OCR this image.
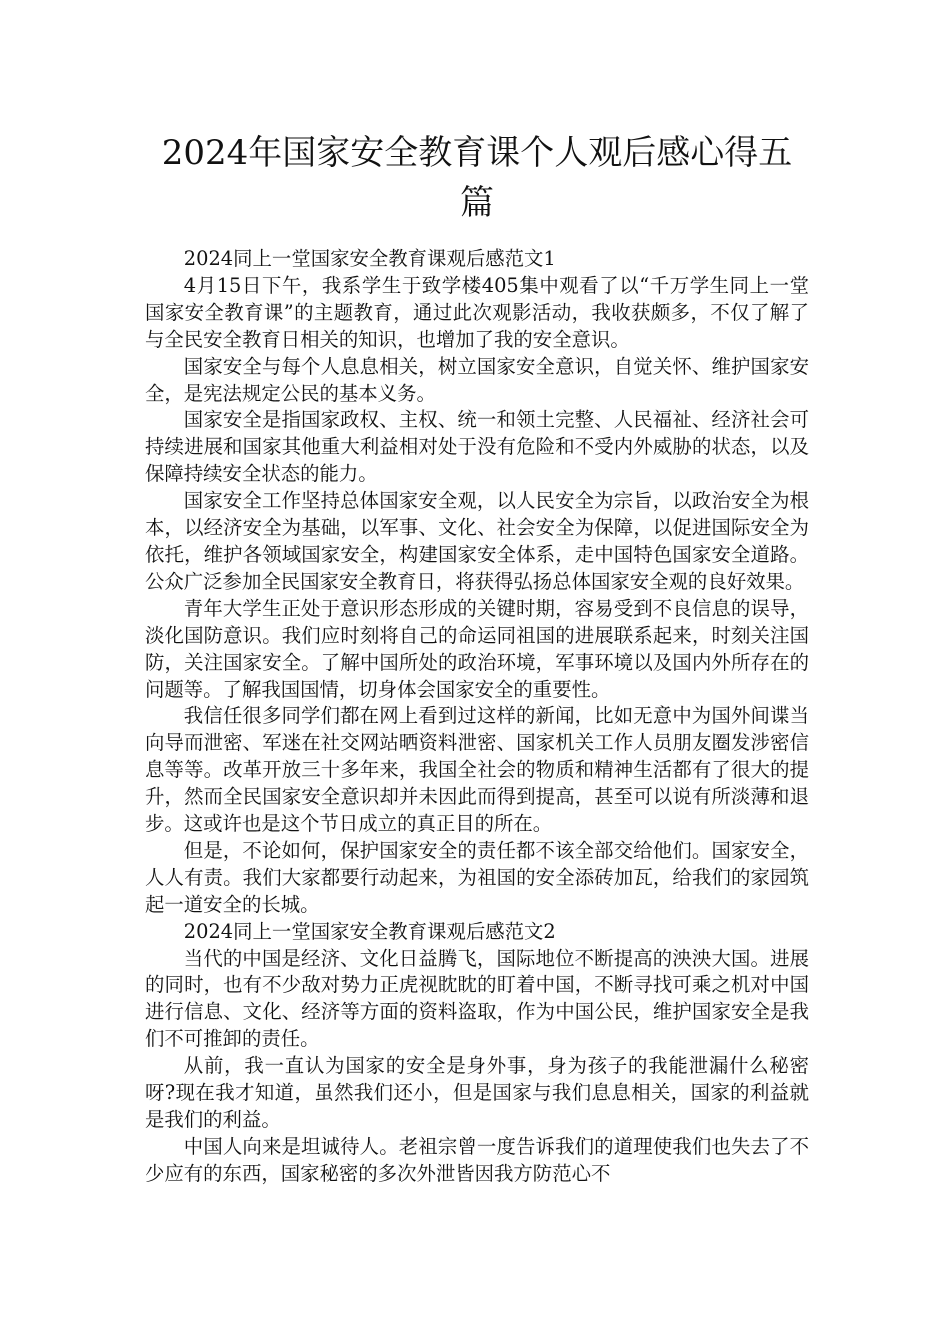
2024年国家安全教育课个人观后感心得五篇

2024同上一堂国家安全教育课观后感范文1

4月15日下午，我系学生于致学楼405集中观看了以“千万学生同上一堂国家安全教育课”的主题教育，通过此次观影活动，我收获颇多，不仅了解了与全民安全教育日相关的知识，也增加了我的安全意识。

国家安全与每个人息息相关，树立国家安全意识，自觉关怀、维护国家安全，是宪法规定公民的基本义务。

国家安全是指国家政权、主权、统一和领土完整、人民福祉、经济社会可持续进展和国家其他重大利益相对处于没有危险和不受内外威胁的状态，以及保障持续安全状态的能力。

国家安全工作坚持总体国家安全观，以人民安全为宗旨，以政治安全为根本，以经济安全为基础，以军事、文化、社会安全为保障，以促进国际安全为依托，维护各领域国家安全，构建国家安全体系，走中国特色国家安全道路。公众广泛参加全民国家安全教育日，将获得弘扬总体国家安全观的良好效果。

青年大学生正处于意识形态形成的关键时期，容易受到不良信息的误导，淡化国防意识。我们应时刻将自己的命运同祖国的进展联系起来，时刻关注国防，关注国家安全。了解中国所处的政治环境，军事环境以及国内外所存在的问题等。了解我国国情，切身体会国家安全的重要性。

我信任很多同学们都在网上看到过这样的新闻，比如无意中为国外间谍当向导而泄密、军迷在社交网站晒资料泄密、国家机关工作人员朋友圈发涉密信息等等。改革开放三十多年来，我国全社会的物质和精神生活都有了很大的提升，然而全民国家安全意识却并未因此而得到提高，甚至可以说有所淡薄和退步。这或许也是这个节日成立的真正目的所在。

但是，不论如何，保护国家安全的责任都不该全部交给他们。国家安全，人人有责。我们大家都要行动起来，为祖国的安全添砖加瓦，给我们的家园筑起一道安全的长城。

2024同上一堂国家安全教育课观后感范文2

当代的中国是经济、文化日益腾飞，国际地位不断提高的泱泱大国。进展的同时，也有不少敌对势力正虎视眈眈的盯着中国，不断寻找可乘之机对中国进行信息、文化、经济等方面的资料盗取，作为中国公民，维护国家安全是我们不可推卸的责任。

从前，我一直认为国家的安全是身外事，身为孩子的我能泄漏什么秘密呀?现在我才知道，虽然我们还小，但是国家与我们息息相关，国家的利益就是我们的利益。

中国人向来是坦诚待人。老祖宗曾一度告诉我们的道理使我们也失去了不少应有的东西，国家秘密的多次外泄皆因我方防范心不
